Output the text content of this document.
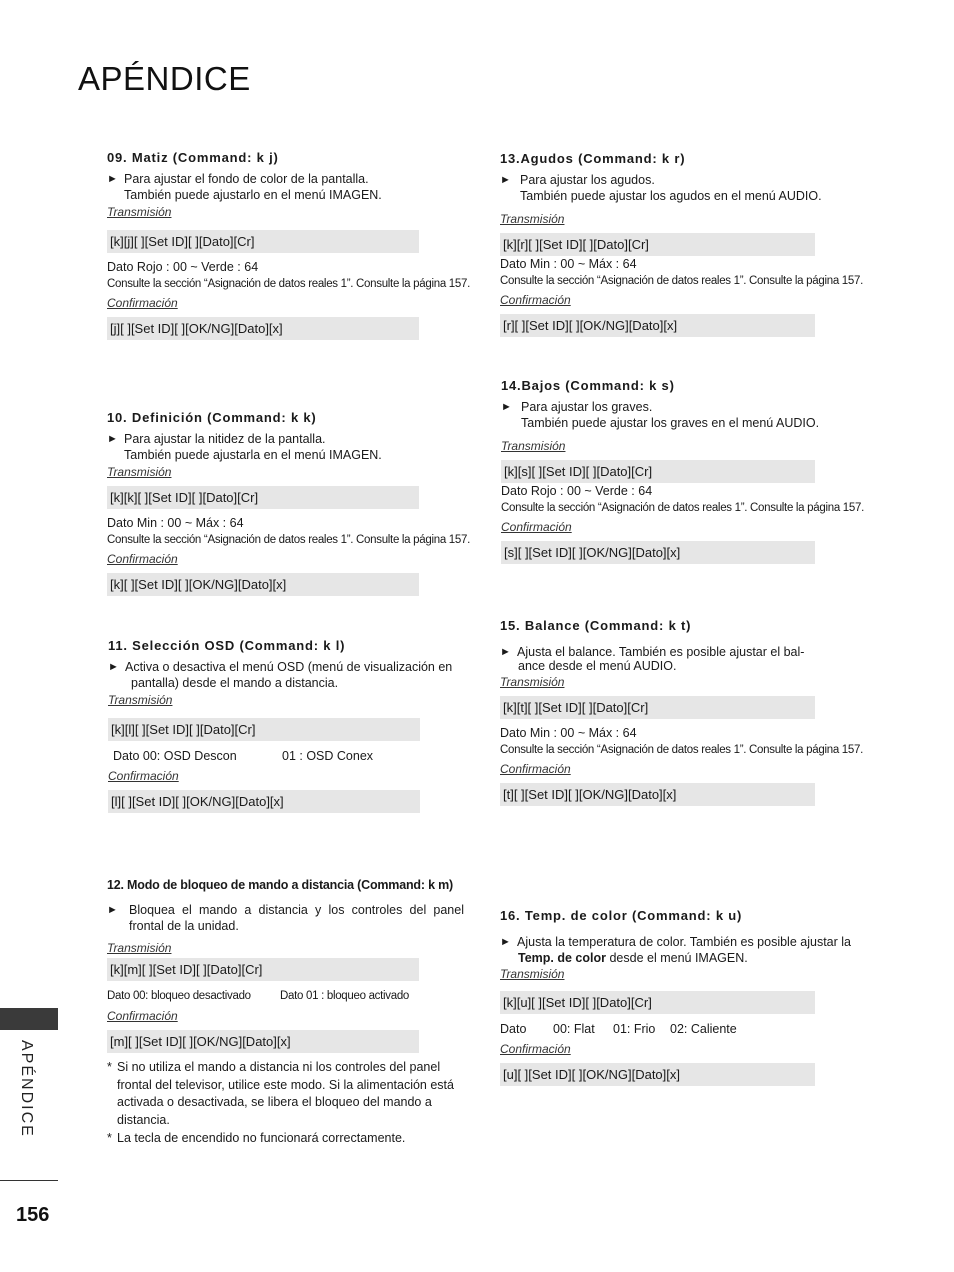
APÉNDICE
09. Matiz (Command: k j)
► Para ajustar el fondo de color de la pantalla.
También puede ajustarlo en el menú IMAGEN.
Transmisión
[k][j][ ][Set ID][ ][Dato][Cr]
Dato Rojo : 00 ~ Verde : 64
Consulte la sección “Asignación de datos reales 1”. Consulte la página 157.
Confirmación
[j][ ][Set ID][ ][OK/NG][Dato][x]
10. Definición (Command: k k)
► Para ajustar la nitidez de la pantalla.
También puede ajustarla en el menú IMAGEN.
Transmisión
[k][k][ ][Set ID][ ][Dato][Cr]
Dato Min : 00 ~ Máx : 64
Consulte la sección “Asignación de datos reales 1”. Consulte la página 157.
Confirmación
[k][ ][Set ID][ ][OK/NG][Dato][x]
11. Selección OSD (Command: k l)
► Activa o desactiva el menú OSD (menú de visualización en
pantalla) desde el mando a distancia.
Transmisión
[k][l][ ][Set ID][ ][Dato][Cr]
Dato 00: OSD Descon	01 : OSD Conex
Confirmación
[l][ ][Set ID][ ][OK/NG][Dato][x]
12. Modo de bloqueo de mando a distancia (Command: k m)
► Bloquea el mando a distancia y los controles del panel frontal de la unidad.
Transmisión
[k][m][ ][Set ID][ ][Dato][Cr]
Dato 00: bloqueo desactivado	Dato 01 : bloqueo activado
Confirmación
[m][ ][Set ID][ ][OK/NG][Dato][x]
* Si no utiliza el mando a distancia ni los controles del panel frontal del televisor, utilice este modo. Si la alimentación está activada o desactivada, se libera el bloqueo del mando a distancia.
* La tecla de encendido no funcionará correctamente.
13.Agudos (Command: k r)
► Para ajustar los agudos.
También puede ajustar los agudos en el menú AUDIO.
Transmisión
[k][r][ ][Set ID][ ][Dato][Cr]
Dato Min : 00 ~ Máx : 64
Consulte la sección “Asignación de datos reales 1”. Consulte la página 157.
Confirmación
[r][ ][Set ID][ ][OK/NG][Dato][x]
14.Bajos (Command: k s)
► Para ajustar los graves.
También puede ajustar los graves en el menú AUDIO.
Transmisión
[k][s][ ][Set ID][ ][Dato][Cr]
Dato Rojo : 00 ~ Verde : 64
Consulte la sección “Asignación de datos reales 1”. Consulte la página 157.
Confirmación
[s][ ][Set ID][ ][OK/NG][Dato][x]
15. Balance (Command: k t)
► Ajusta el balance. También es posible ajustar el bal-
ance desde el menú AUDIO.
Transmisión
[k][t][ ][Set ID][ ][Dato][Cr]
Dato Min : 00 ~ Máx : 64
Consulte la sección “Asignación de datos reales 1”. Consulte la página 157.
Confirmación
[t][ ][Set ID][ ][OK/NG][Dato][x]
16. Temp. de color (Command: k u)
► Ajusta la temperatura de color. También es posible ajustar la
Temp. de color desde el menú IMAGEN.
Transmisión
[k][u][ ][Set ID][ ][Dato][Cr]
Dato	00: Flat	01: Frio	02: Caliente
Confirmación
[u][ ][Set ID][ ][OK/NG][Dato][x]
APÉNDICE
156
